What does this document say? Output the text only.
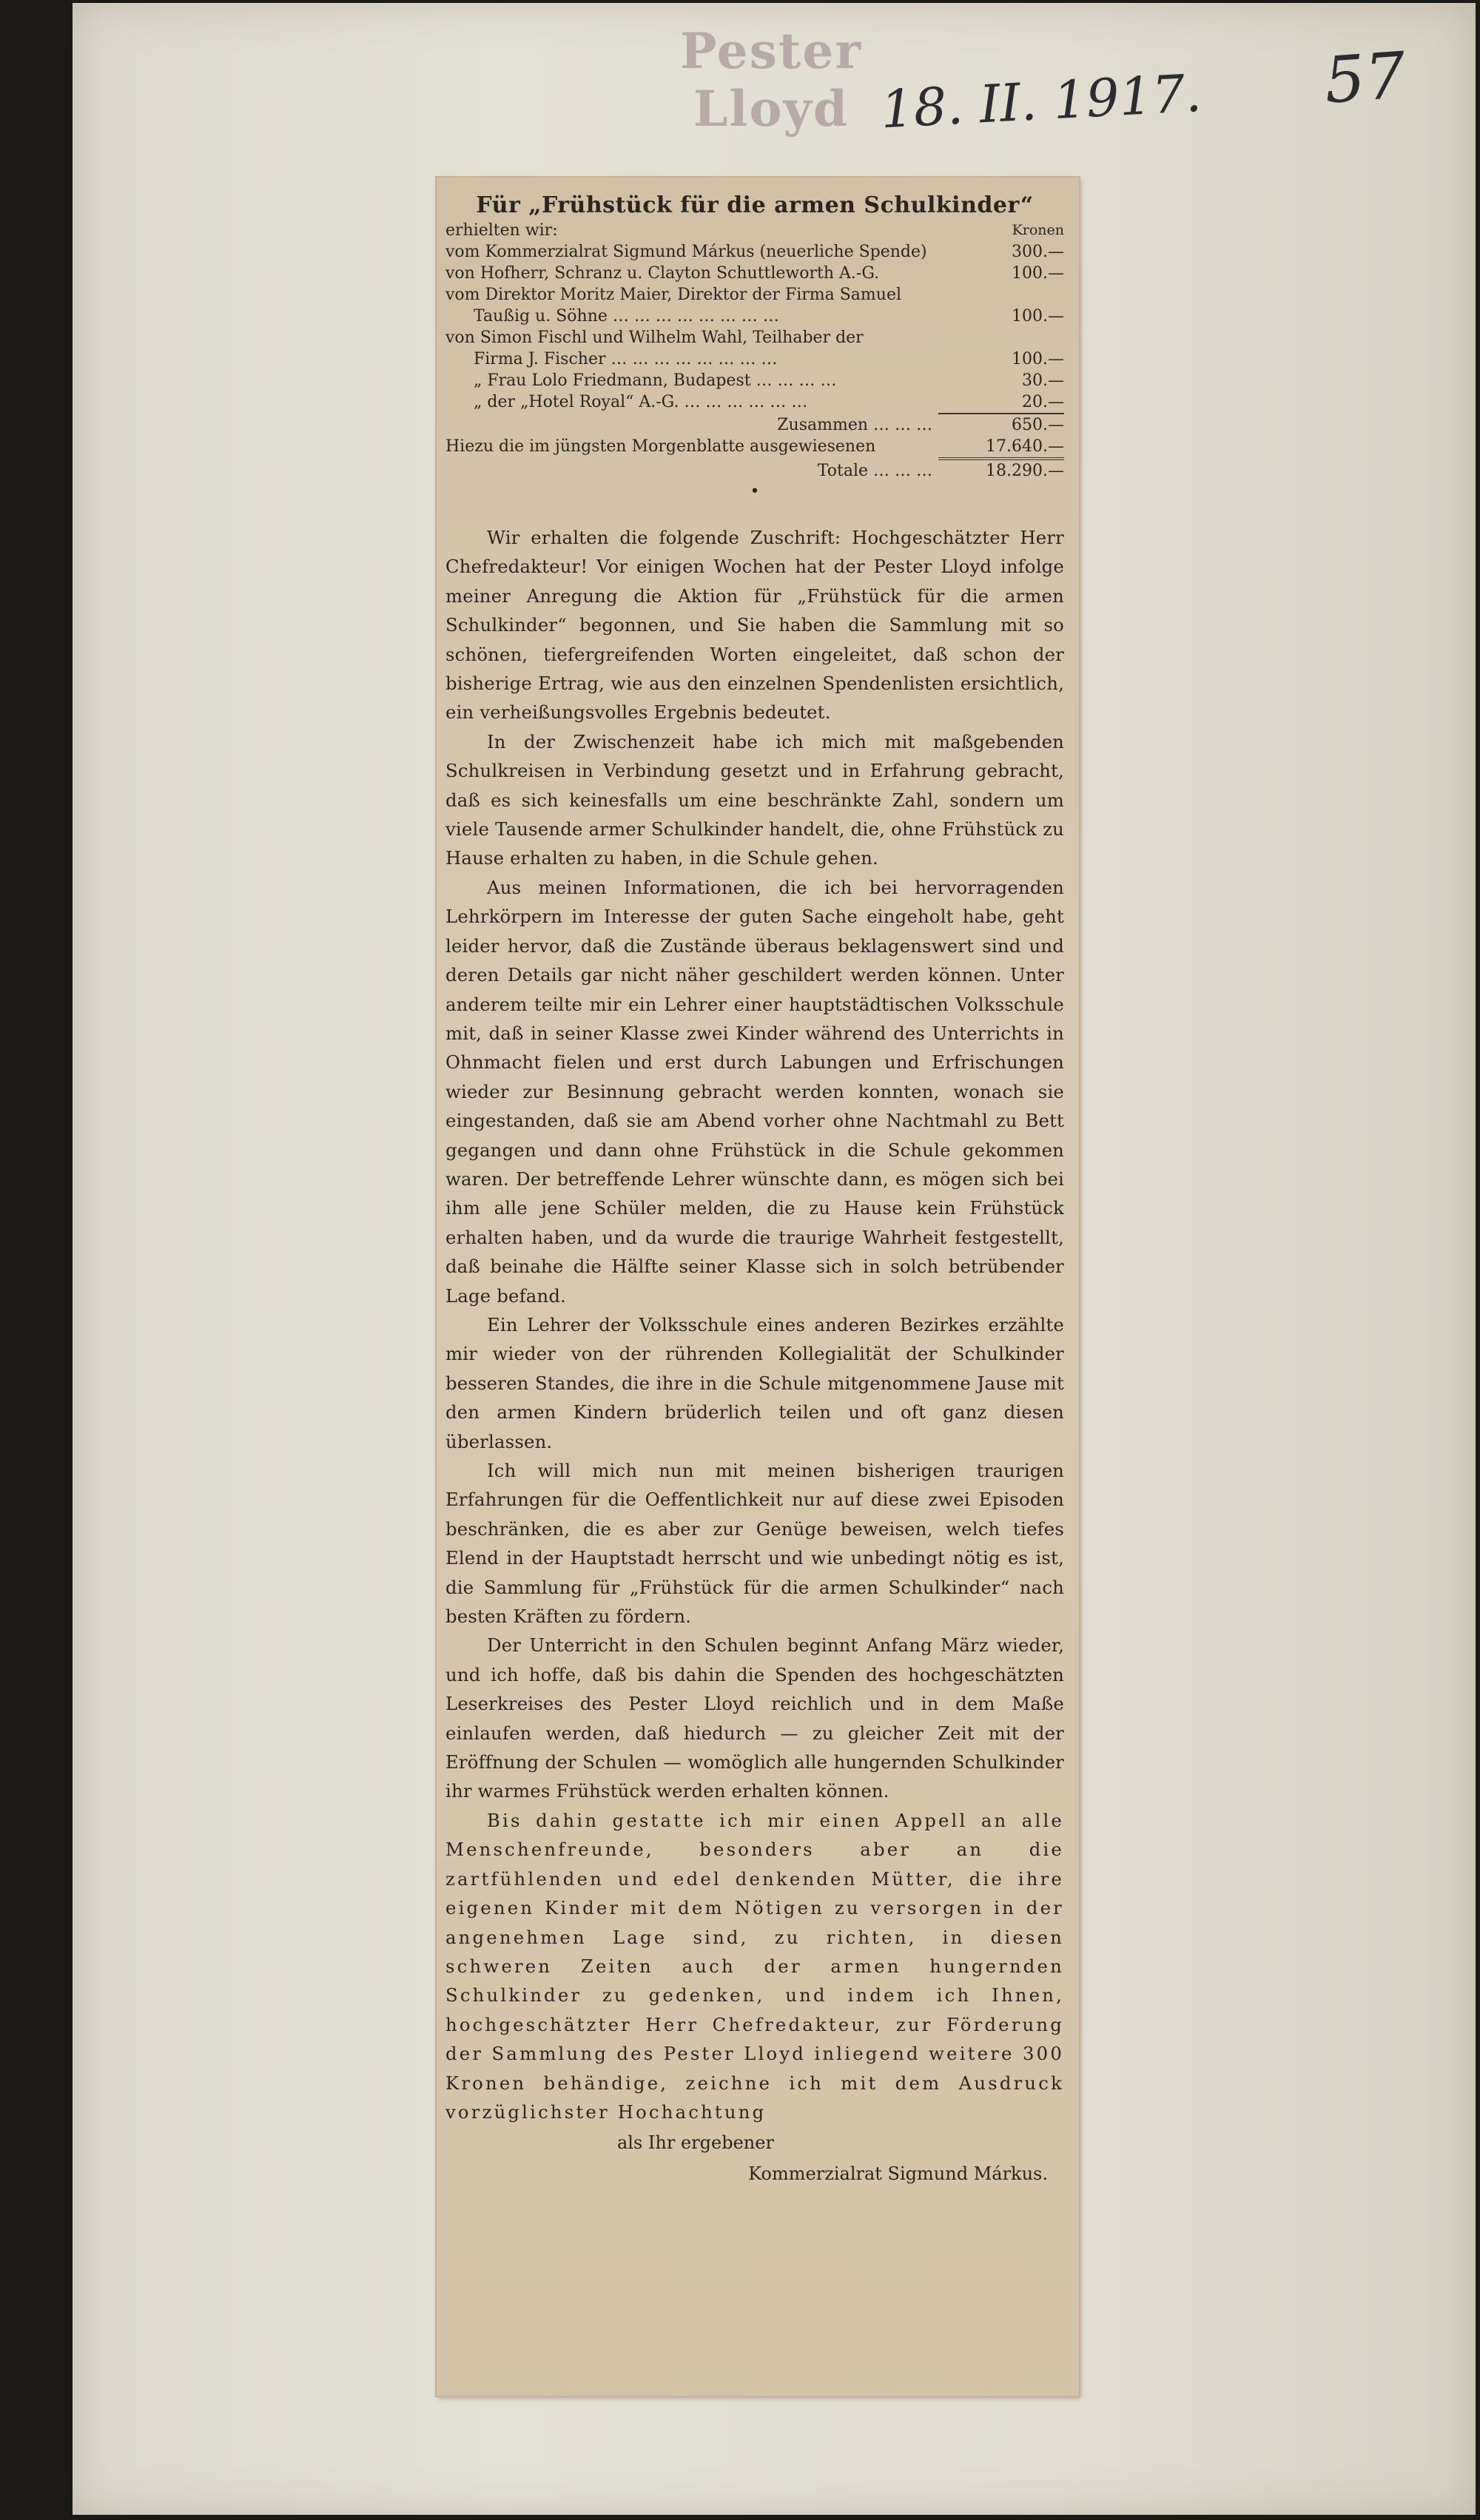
Pester Lloyd 18. II. 1917. 57
Für „Frühstück für die armen Schulkinder“
erhielten wir:	Kronen
vom Kommerzialrat Sigmund Márkus (neuerliche Spende)	300.—
von Hofherr, Schranz u. Clayton Schuttleworth A.-G.	100.—
vom Direktor Moritz Maier, Direktor der Firma Samuel
Taußig u. Söhne … … … … … … … …	100.—
von Simon Fischl und Wilhelm Wahl, Teilhaber der
Firma J. Fischer … … … … … … … …	100.—
„ Frau Lolo Friedmann, Budapest … … … …	30.—
„ der „Hotel Royal“ A.-G. … … … … … …	20.—
Zusammen … … …	650.—
Hiezu die im jüngsten Morgenblatte ausgewiesenen	17.640.—
Totale … … …	18.290.—
•

Wir erhalten die folgende Zuschrift: Hochgeschätzter Herr Chefredakteur! Vor einigen Wochen hat der Pester Lloyd infolge meiner Anregung die Aktion für „Frühstück für die armen Schulkinder“ begonnen, und Sie haben die Sammlung mit so schönen, tiefergreifenden Worten eingeleitet, daß schon der bisherige Ertrag, wie aus den einzelnen Spendenlisten ersichtlich, ein verheißungsvolles Ergebnis bedeutet.

In der Zwischenzeit habe ich mich mit maßgebenden Schulkreisen in Verbindung gesetzt und in Erfahrung gebracht, daß es sich keinesfalls um eine beschränkte Zahl, sondern um viele Tausende armer Schulkinder handelt, die, ohne Frühstück zu Hause erhalten zu haben, in die Schule gehen.

Aus meinen Informationen, die ich bei hervorragenden Lehrkörpern im Interesse der guten Sache eingeholt habe, geht leider hervor, daß die Zustände überaus beklagenswert sind und deren Details gar nicht näher geschildert werden können. Unter anderem teilte mir ein Lehrer einer hauptstädtischen Volksschule mit, daß in seiner Klasse zwei Kinder während des Unterrichts in Ohnmacht fielen und erst durch Labungen und Erfrischungen wieder zur Besinnung gebracht werden konnten, wonach sie eingestanden, daß sie am Abend vorher ohne Nachtmahl zu Bett gegangen und dann ohne Frühstück in die Schule gekommen waren. Der betreffende Lehrer wünschte dann, es mögen sich bei ihm alle jene Schüler melden, die zu Hause kein Frühstück erhalten haben, und da wurde die traurige Wahrheit festgestellt, daß beinahe die Hälfte seiner Klasse sich in solch betrübender Lage befand.

Ein Lehrer der Volksschule eines anderen Bezirkes erzählte mir wieder von der rührenden Kollegialität der Schulkinder besseren Standes, die ihre in die Schule mitgenommene Jause mit den armen Kindern brüderlich teilen und oft ganz diesen überlassen.

Ich will mich nun mit meinen bisherigen traurigen Erfahrungen für die Oeffentlichkeit nur auf diese zwei Episoden beschränken, die es aber zur Genüge beweisen, welch tiefes Elend in der Hauptstadt herrscht und wie unbedingt nötig es ist, die Sammlung für „Frühstück für die armen Schulkinder“ nach besten Kräften zu fördern.

Der Unterricht in den Schulen beginnt Anfang März wieder, und ich hoffe, daß bis dahin die Spenden des hochgeschätzten Leserkreises des Pester Lloyd reichlich und in dem Maße einlaufen werden, daß hiedurch — zu gleicher Zeit mit der Eröffnung der Schulen — womöglich alle hungernden Schulkinder ihr warmes Frühstück werden erhalten können.

Bis dahin gestatte ich mir einen Appell an alle Menschenfreunde, besonders aber an die zartfühlenden und edel denkenden Mütter, die ihre eigenen Kinder mit dem Nötigen zu versorgen in der angenehmen Lage sind, zu richten, in diesen schweren Zeiten auch der armen hungernden Schulkinder zu gedenken, und indem ich Ihnen, hochgeschätzter Herr Chefredakteur, zur Förderung der Sammlung des Pester Lloyd inliegend weitere 300 Kronen behändige, zeichne ich mit dem Ausdruck vorzüglichster Hochachtung

als Ihr ergebener
Kommerzialrat Sigmund Márkus.
